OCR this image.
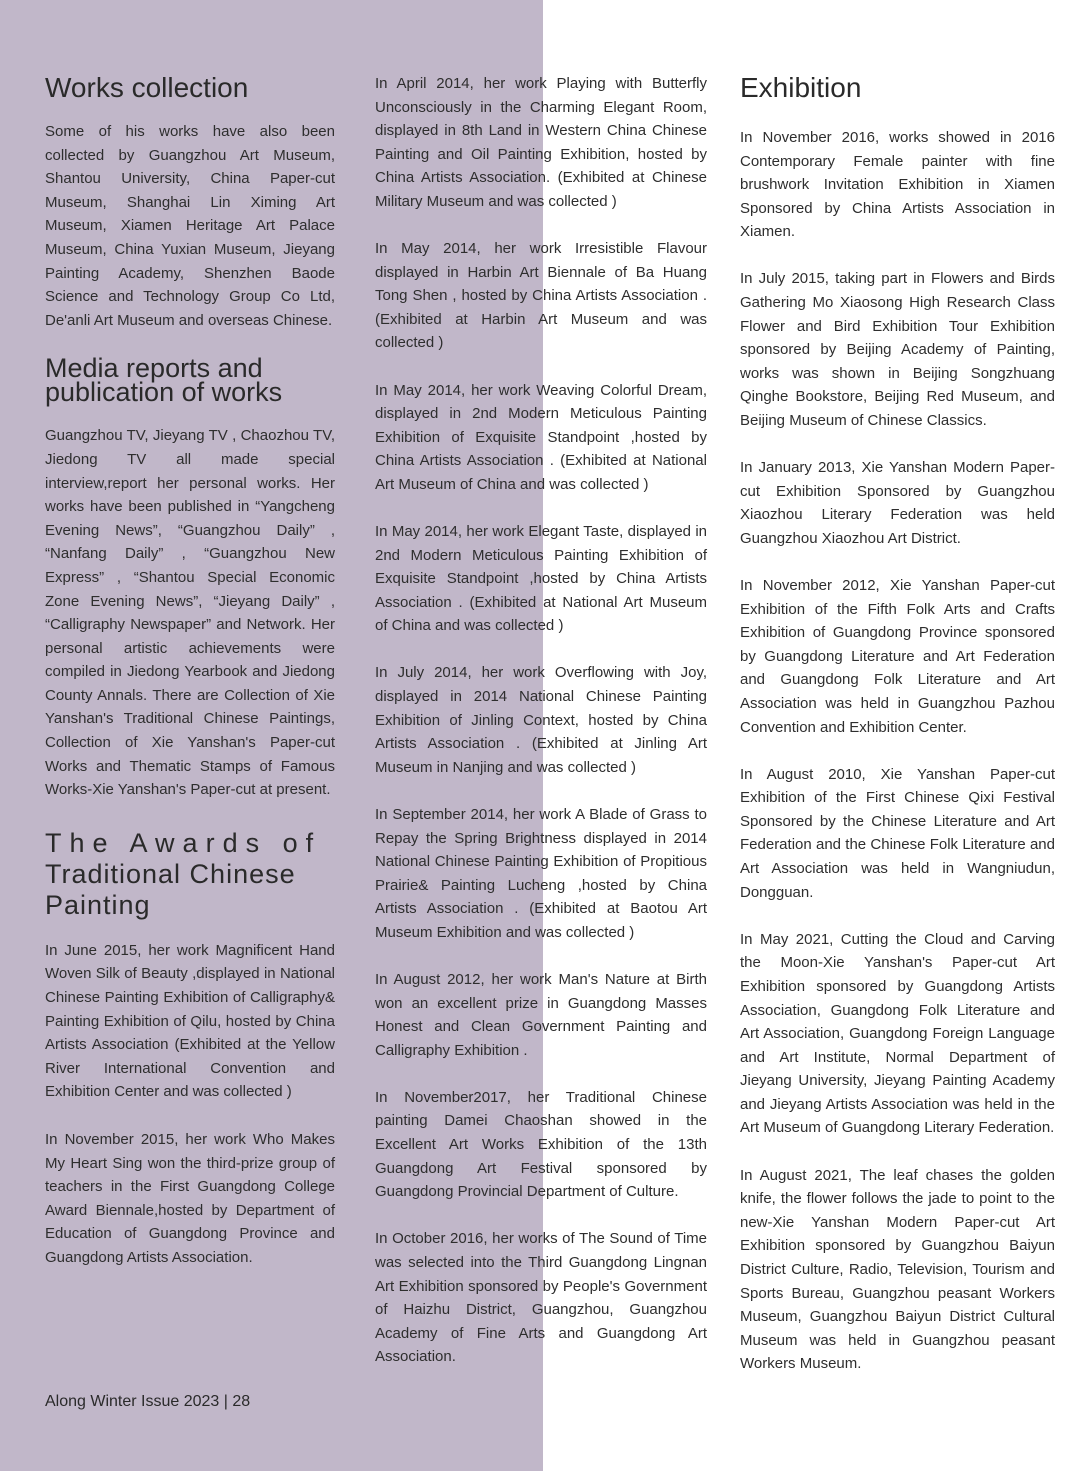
Works collection

Some of his works have also been collected by Guangzhou Art Museum, Shantou University, China Paper-cut Museum, Shanghai Lin Ximing Art Museum, Xiamen Heritage Art Palace Museum, China Yuxian Museum, Jieyang Painting Academy, Shenzhen Baode Science and Technology Group Co Ltd, De'anli Art Museum and overseas Chinese.

Media reports and publication of works

Guangzhou TV, Jieyang TV , Chaozhou TV, Jiedong TV all made special interview,report her personal works. Her works have been published in “Yangcheng Evening News”, “Guangzhou Daily” , “Nanfang Daily” , “Guangzhou New Express” , “Shantou Special Economic Zone Evening News”, “Jieyang Daily” , “Calligraphy Newspaper” and Network. Her personal artistic achievements were compiled in Jiedong Yearbook and Jiedong County Annals. There are Collection of Xie Yanshan's Traditional Chinese Paintings, Collection of Xie Yanshan's Paper-cut Works and Thematic Stamps of Famous Works-Xie Yanshan's Paper-cut at present.

The Awards of
Traditional Chinese Painting

In June 2015, her work Magnificent Hand Woven Silk of Beauty ,displayed in National Chinese Painting Exhibition of Calligraphy& Painting Exhibition of Qilu, hosted by China Artists Association (Exhibited at the Yellow River International Convention and Exhibition Center and was collected )

In November 2015, her work Who Makes My Heart Sing won the third-prize group of teachers in the First Guangdong College Award Biennale,hosted by Department of Education of Guangdong Province and Guangdong Artists Association.

In April 2014, her work Playing with Butterfly Unconsciously in the Charming Elegant Room, displayed in 8th Land in Western China Chinese Painting and Oil Painting Exhibition, hosted by China Artists Association. (Exhibited at Chinese Military Museum and was collected )

In May 2014, her work Irresistible Flavour displayed in Harbin Art Biennale of Ba Huang Tong Shen , hosted by China Artists Association . (Exhibited at Harbin Art Museum and was collected )

In May 2014, her work Weaving Colorful Dream, displayed in 2nd Modern Meticulous Painting Exhibition of Exquisite Standpoint ,hosted by China Artists Association . (Exhibited at National Art Museum of China and was collected )

In May 2014, her work Elegant Taste, displayed in 2nd Modern Meticulous Painting Exhibition of Exquisite Standpoint ,hosted by China Artists Association . (Exhibited at National Art Museum of China and was collected )

In July 2014, her work Overflowing with Joy, displayed in 2014 National Chinese Painting Exhibition of Jinling Context, hosted by China Artists Association . (Exhibited at Jinling Art Museum in Nanjing and was collected )

In September 2014, her work A Blade of Grass to Repay the Spring Brightness displayed in 2014 National Chinese Painting Exhibition of Propitious Prairie& Painting Lucheng ,hosted by China Artists Association . (Exhibited at Baotou Art Museum Exhibition and was collected )

In August 2012, her work Man's Nature at Birth won an excellent prize in Guangdong Masses Honest and Clean Government Painting and Calligraphy Exhibition .

In November2017, her Traditional Chinese painting Damei Chaoshan showed in the Excellent Art Works Exhibition of the 13th Guangdong Art Festival sponsored by Guangdong Provincial Department of Culture.

In October 2016, her works of The Sound of Time was selected into the Third Guangdong Lingnan Art Exhibition sponsored by People's Government of Haizhu District, Guangzhou, Guangzhou Academy of Fine Arts and Guangdong Art Association.

Exhibition

In November 2016, works showed in 2016 Contemporary Female painter with fine brushwork Invitation Exhibition in Xiamen Sponsored by China Artists Association in Xiamen.

In July 2015, taking part in Flowers and Birds Gathering Mo Xiaosong High Research Class Flower and Bird Exhibition Tour Exhibition sponsored by Beijing Academy of Painting, works was shown in Beijing Songzhuang Qinghe Bookstore, Beijing Red Museum, and Beijing Museum of Chinese Classics.

In January 2013, Xie Yanshan Modern Paper-cut Exhibition Sponsored by Guangzhou Xiaozhou Literary Federation was held Guangzhou Xiaozhou Art District.

In November 2012, Xie Yanshan Paper-cut Exhibition of the Fifth Folk Arts and Crafts Exhibition of Guangdong Province sponsored by Guangdong Literature and Art Federation and Guangdong Folk Literature and Art Association was held in Guangzhou Pazhou Convention and Exhibition Center.

In August 2010, Xie Yanshan Paper-cut Exhibition of the First Chinese Qixi Festival Sponsored by the Chinese Literature and Art Federation and the Chinese Folk Literature and Art Association was held in Wangniudun, Dongguan.

In May 2021, Cutting the Cloud and Carving the Moon-Xie Yanshan's Paper-cut Art Exhibition sponsored by Guangdong Artists Association, Guangdong Folk Literature and Art Association, Guangdong Foreign Language and Art Institute, Normal Department of Jieyang University, Jieyang Painting Academy and Jieyang Artists Association was held in the Art Museum of Guangdong Literary Federation.

In August 2021, The leaf chases the golden knife, the flower follows the jade to point to the new-Xie Yanshan Modern Paper-cut Art Exhibition sponsored by Guangzhou Baiyun District Culture, Radio, Television, Tourism and Sports Bureau, Guangzhou peasant Workers Museum, Guangzhou Baiyun District Cultural Museum was held in Guangzhou peasant Workers Museum.

Along Winter Issue 2023 | 28
